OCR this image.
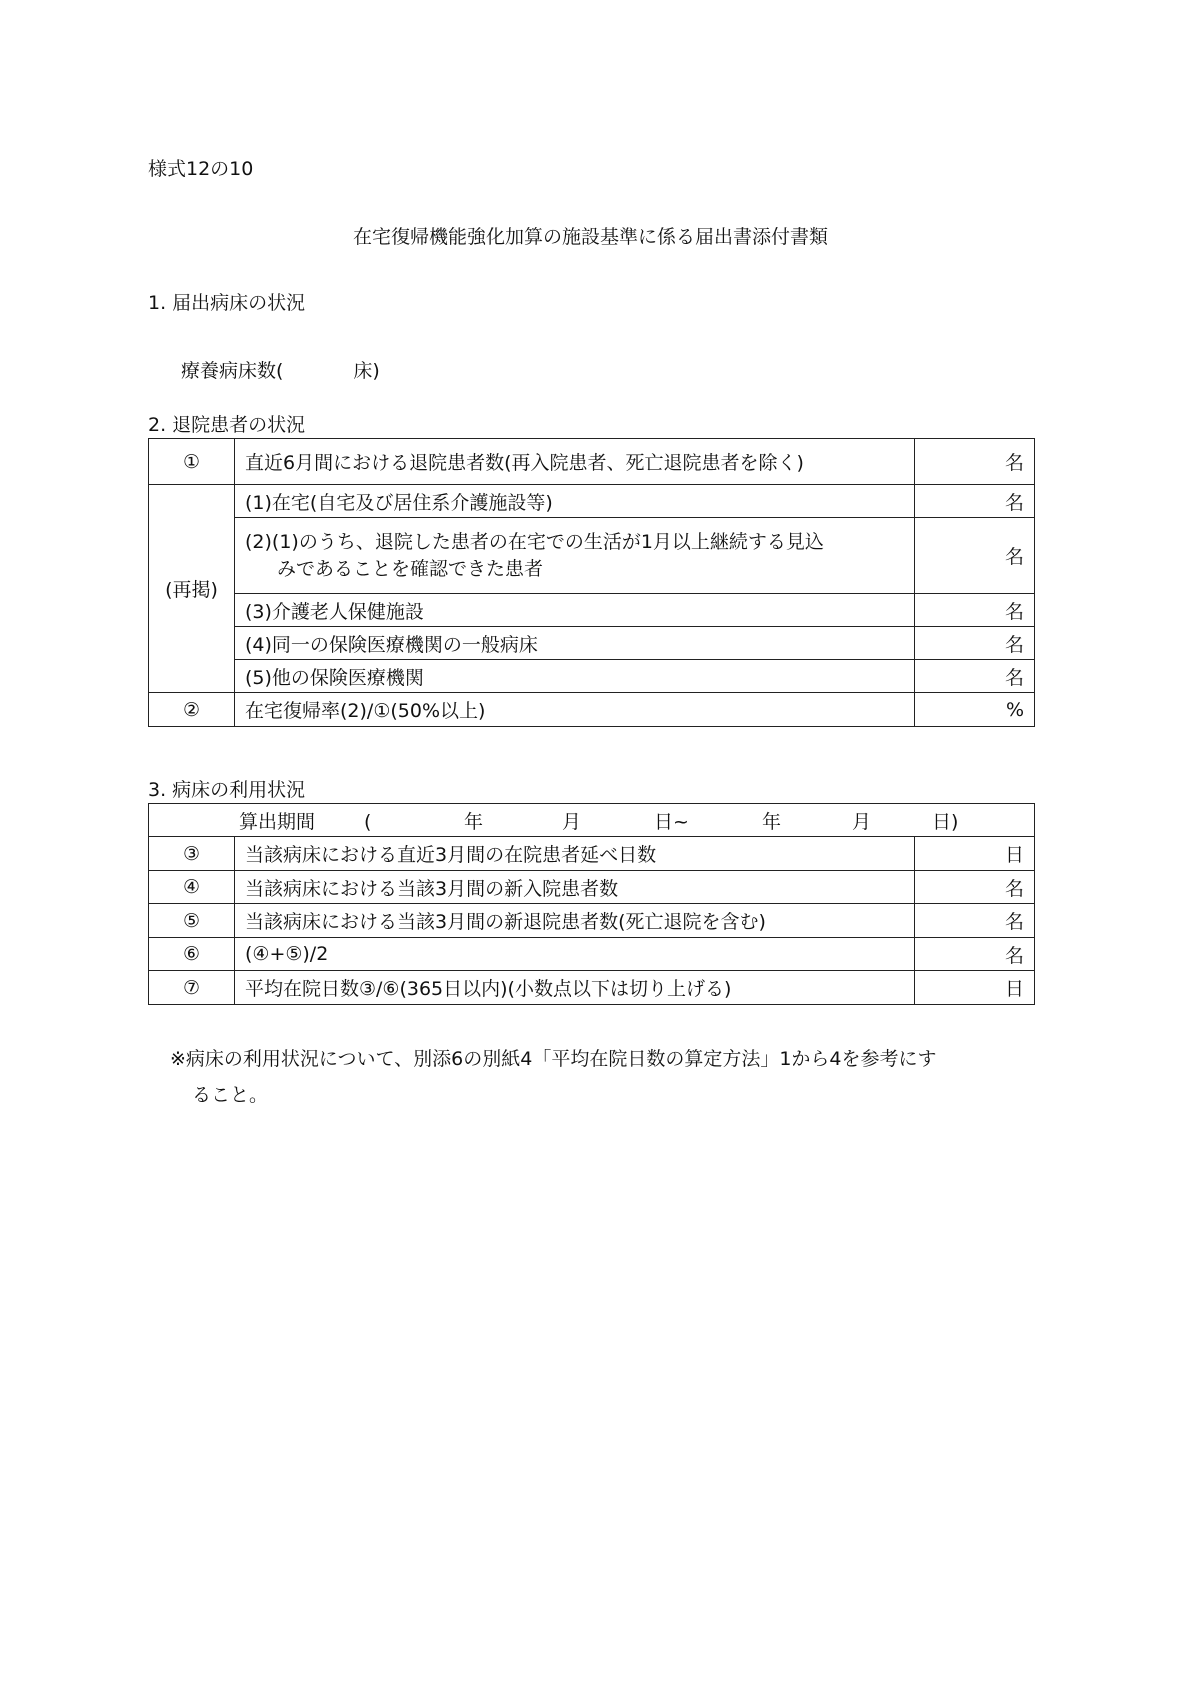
様式12の10
在宅復帰機能強化加算の施設基準に係る届出書添付書類
1. 届出病床の状況
療養病床数(	床)
2. 退院患者の状況
①	直近6月間における退院患者数(再入院患者、死亡退院患者を除く)	名
(再掲)	(1)在宅(自宅及び居住系介護施設等)	名
	(2)(1)のうち、退院した患者の在宅での生活が1月以上継続する見込
みであることを確認できた患者	名
	(3)介護老人保健施設	名
	(4)同一の保険医療機関の一般病床	名
	(5)他の保険医療機関	名
②	在宅復帰率(2)/①(50%以上)	%
3. 病床の利用状況
算出期間 ( 年 月 日~ 年 月 日)		
③	当該病床における直近3月間の在院患者延べ日数	日
④	当該病床における当該3月間の新入院患者数	名
⑤	当該病床における当該3月間の新退院患者数(死亡退院を含む)	名
⑥	(④+⑤)/2	名
⑦	平均在院日数③/⑥(365日以内)(小数点以下は切り上げる)	日
※病床の利用状況について、別添6の別紙4「平均在院日数の算定方法」1から4を参考にす
ること。
